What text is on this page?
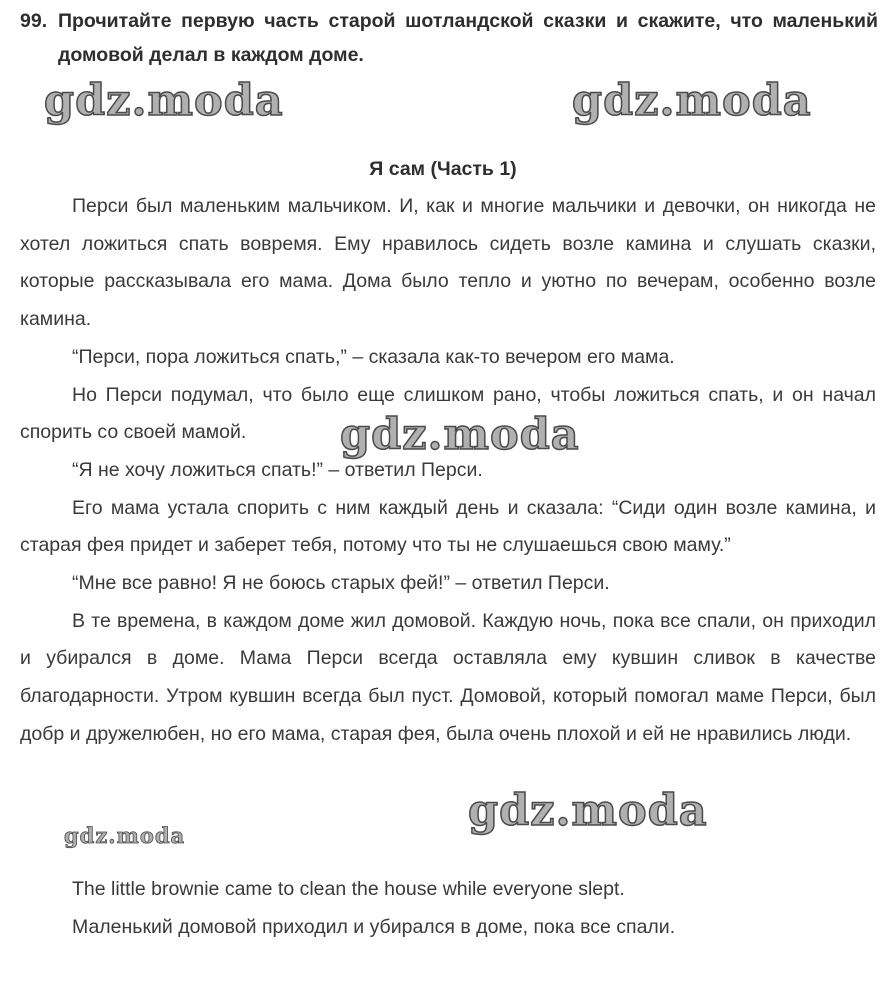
99. Прочитайте первую часть старой шотландской сказки и скажите, что маленький домовой делал в каждом доме.
Я сам (Часть 1)

Перси был маленьким мальчиком. И, как и многие мальчики и девочки, он никогда не хотел ложиться спать вовремя. Ему нравилось сидеть возле камина и слушать сказки, которые рассказывала его мама. Дома было тепло и уютно по вечерам, особенно возле камина.

“Перси, пора ложиться спать,” – сказала как-то вечером его мама.

Но Перси подумал, что было еще слишком рано, чтобы ложиться спать, и он начал спорить со своей мамой.

“Я не хочу ложиться спать!” – ответил Перси.

Его мама устала спорить с ним каждый день и сказала: “Сиди один возле камина, и старая фея придет и заберет тебя, потому что ты не слушаешься свою маму.”

“Мне все равно! Я не боюсь старых фей!” – ответил Перси.

В те времена, в каждом доме жил домовой. Каждую ночь, пока все спали, он приходил и убирался в доме. Мама Перси всегда оставляла ему кувшин сливок в качестве благодарности. Утром кувшин всегда был пуст. Домовой, который помогал маме Перси, был добр и дружелюбен, но его мама, старая фея, была очень плохой и ей не нравились люди.

The little brownie came to clean the house while everyone slept.

Маленький домовой приходил и убирался в доме, пока все спали.

gdz.moda	gdz.moda
gdz.moda
gdz.moda
gdz.moda
